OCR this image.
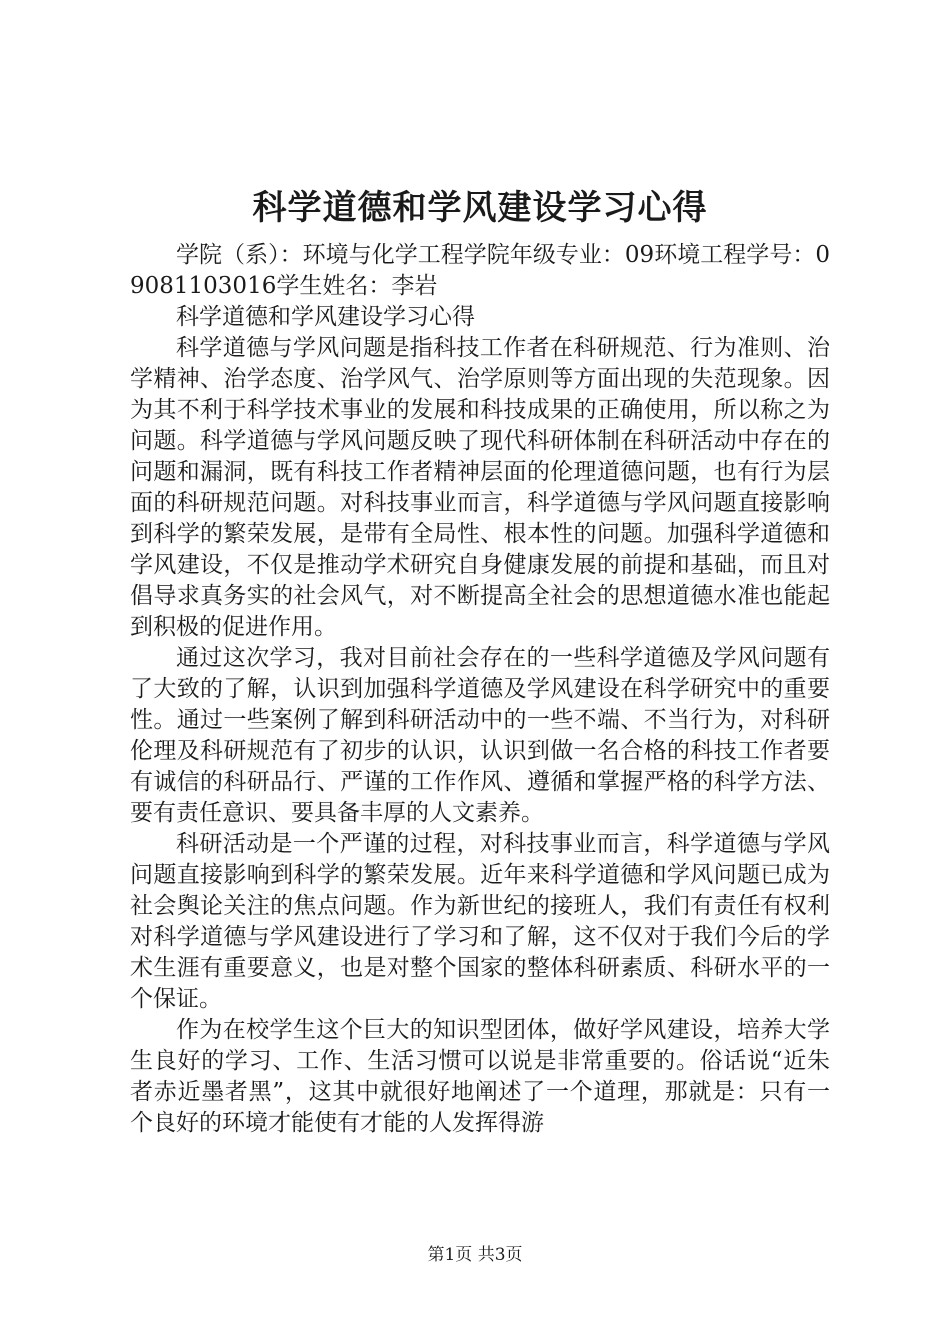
科学道德和学风建设学习心得

学院（系）：环境与化学工程学院年级专业：09环境工程学号：09081103016学生姓名：李岩

科学道德和学风建设学习心得

科学道德与学风问题是指科技工作者在科研规范、行为准则、治学精神、治学态度、治学风气、治学原则等方面出现的失范现象。因为其不利于科学技术事业的发展和科技成果的正确使用，所以称之为问题。科学道德与学风问题反映了现代科研体制在科研活动中存在的问题和漏洞，既有科技工作者精神层面的伦理道德问题，也有行为层面的科研规范问题。对科技事业而言，科学道德与学风问题直接影响到科学的繁荣发展，是带有全局性、根本性的问题。加强科学道德和学风建设，不仅是推动学术研究自身健康发展的前提和基础，而且对倡导求真务实的社会风气，对不断提高全社会的思想道德水准也能起到积极的促进作用。

通过这次学习，我对目前社会存在的一些科学道德及学风问题有了大致的了解，认识到加强科学道德及学风建设在科学研究中的重要性。通过一些案例了解到科研活动中的一些不端、不当行为，对科研伦理及科研规范有了初步的认识，认识到做一名合格的科技工作者要有诚信的科研品行、严谨的工作作风、遵循和掌握严格的科学方法、要有责任意识、要具备丰厚的人文素养。

科研活动是一个严谨的过程，对科技事业而言，科学道德与学风问题直接影响到科学的繁荣发展。近年来科学道德和学风问题已成为社会舆论关注的焦点问题。作为新世纪的接班人，我们有责任有权利对科学道德与学风建设进行了学习和了解，这不仅对于我们今后的学术生涯有重要意义，也是对整个国家的整体科研素质、科研水平的一个保证。

作为在校学生这个巨大的知识型团体，做好学风建设，培养大学生良好的学习、工作、生活习惯可以说是非常重要的。俗话说“近朱者赤近墨者黑”，这其中就很好地阐述了一个道理，那就是：只有一个良好的环境才能使有才能的人发挥得游

第1页 共3页
